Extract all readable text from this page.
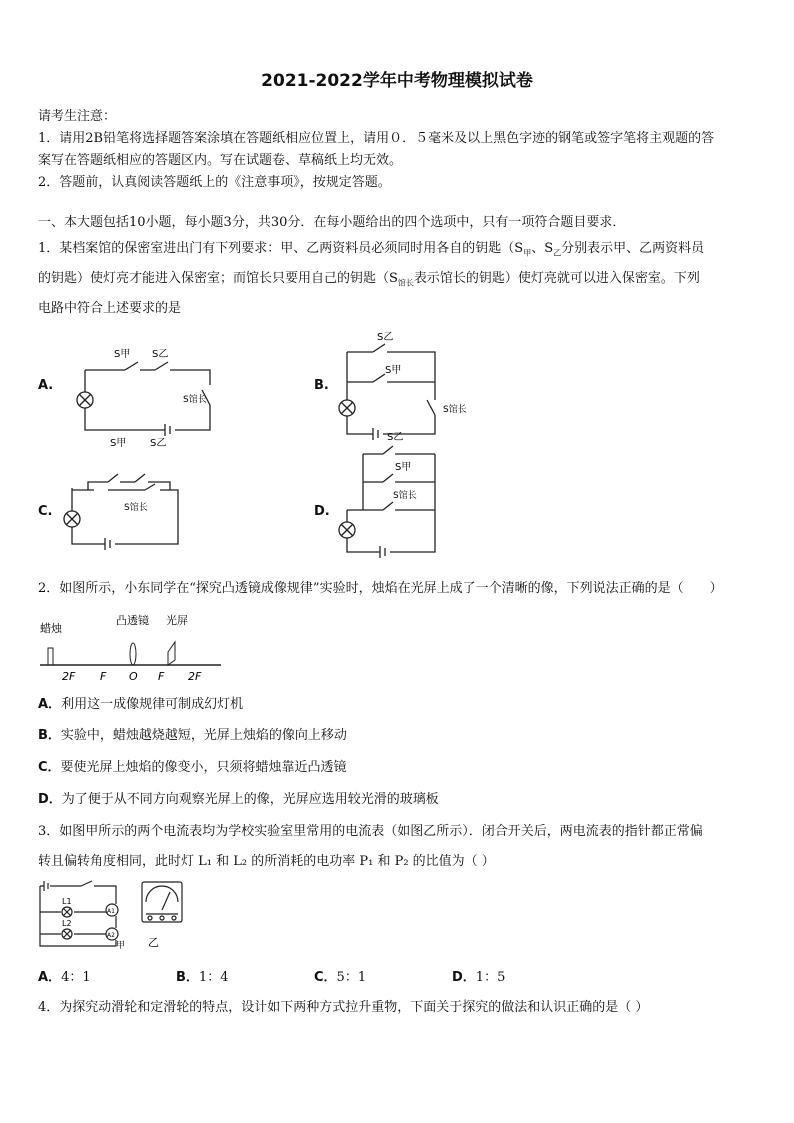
2021-2022学年中考物理模拟试卷
请考生注意：
1．请用2B铅笔将选择题答案涂填在答题纸相应位置上，请用０．５毫米及以上黑色字迹的钢笔或签字笔将主观题的答
案写在答题纸相应的答题区内。写在试题卷、草稿纸上均无效。
2．答题前，认真阅读答题纸上的《注意事项》，按规定答题。
一、本大题包括10小题，每小题3分，共30分．在每小题给出的四个选项中，只有一项符合题目要求．
1．某档案馆的保密室进出门有下列要求：甲、乙两资料员必须同时用各自的钥匙（$S_甲$、$S_乙$分别表示甲、乙两资料员
的钥匙）使灯亮才能进入保密室；而馆长只要用自己的钥匙（$S_{馆长}$表示馆长的钥匙）使灯亮就可以进入保密室。下列
电路中符合上述要求的是
A.
S甲 S乙
S馆长
B.
S乙
S甲
S馆长
C.
S甲 S乙
S馆长	D.
S乙
S甲
S馆长
2．如图所示，小东同学在“探究凸透镜成像规律”实验时，烛焰在光屏上成了一个清晰的像，下列说法正确的是（　　）
蜡烛
凸透镜 光屏
2F F O F 2F
A．利用这一成像规律可制成幻灯机
B．实验中，蜡烛越烧越短，光屏上烛焰的像向上移动
C．要使光屏上烛焰的像变小，只须将蜡烛靠近凸透镜
D．为了便于从不同方向观察光屏上的像，光屏应选用较光滑的玻璃板
3．如图甲所示的两个电流表均为学校实验室里常用的电流表（如图乙所示）．闭合开关后，两电流表的指针都正常偏
转且偏转角度相同，此时灯 L₁ 和 L₂ 的所消耗的电功率 P₁ 和 P₂ 的比值为（ ）
L1
L2
A1
A2
甲 乙
A．4：1	B．1：4	C．5：1	D．1：5
4．为探究动滑轮和定滑轮的特点，设计如下两种方式拉升重物，下面关于探究的做法和认识正确的是（ ）
